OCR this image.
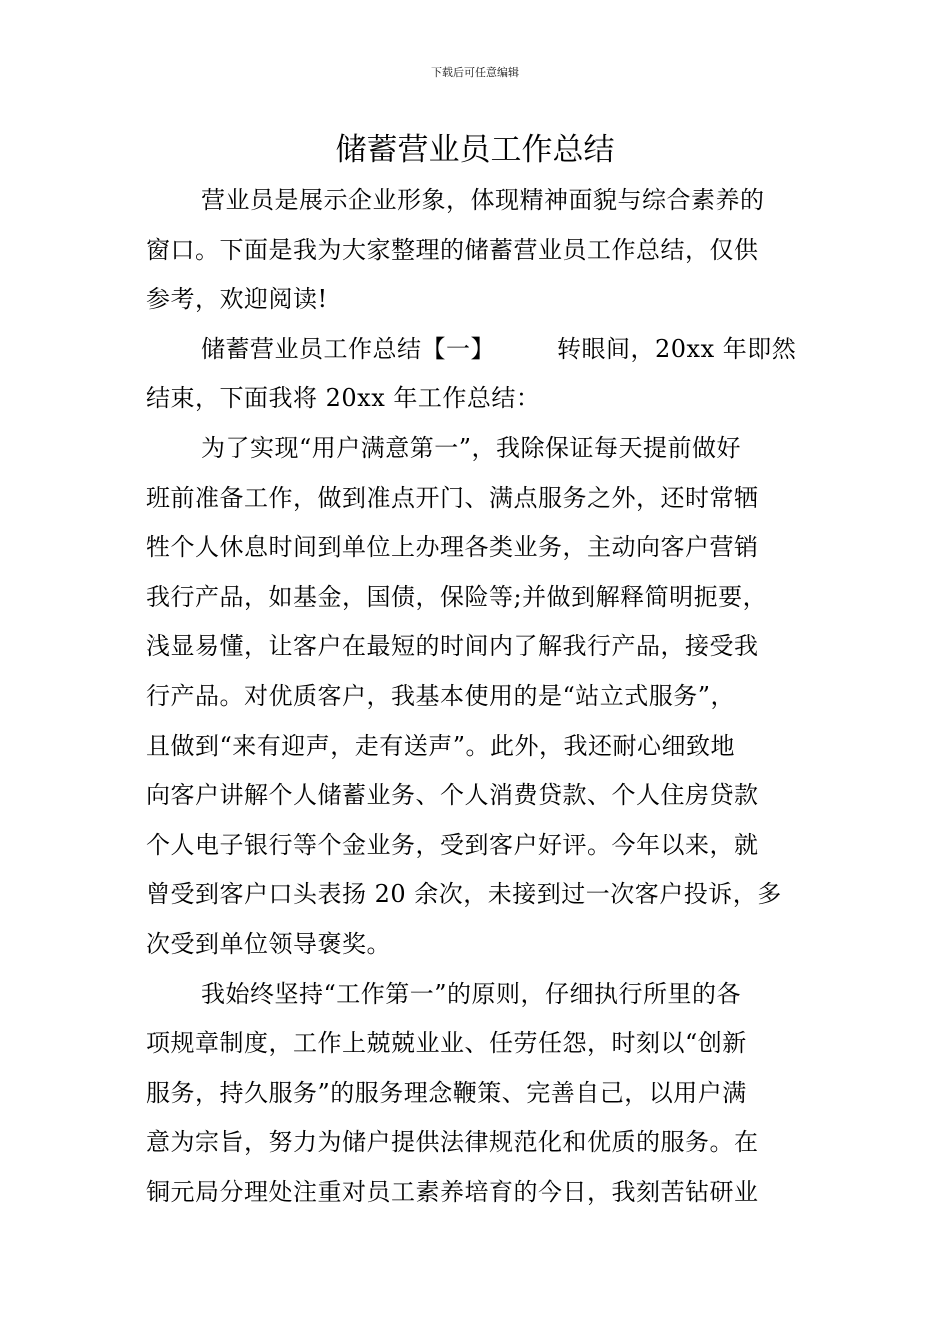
下载后可任意编辑
储蓄营业员工作总结
营业员是展示企业形象，体现精神面貌与综合素养的
窗口。下面是我为大家整理的储蓄营业员工作总结，仅供
参考，欢迎阅读!
储蓄营业员工作总结【一】	转眼间，20xx 年即然
结束，下面我将 20xx 年工作总结：
为了实现“用户满意第一”，我除保证每天提前做好
班前准备工作，做到准点开门、满点服务之外，还时常牺
牲个人休息时间到单位上办理各类业务，主动向客户营销
我行产品，如基金，国债，保险等;并做到解释简明扼要，
浅显易懂，让客户在最短的时间内了解我行产品，接受我
行产品。对优质客户，我基本使用的是“站立式服务”，
且做到“来有迎声，走有送声”。此外，我还耐心细致地
向客户讲解个人储蓄业务、个人消费贷款、个人住房贷款
个人电子银行等个金业务，受到客户好评。今年以来，就
曾受到客户口头表扬 20 余次，未接到过一次客户投诉，多
次受到单位领导褒奖。
我始终坚持“工作第一”的原则，仔细执行所里的各
项规章制度，工作上兢兢业业、任劳任怨，时刻以“创新
服务，持久服务”的服务理念鞭策、完善自己，以用户满
意为宗旨，努力为储户提供法律规范化和优质的服务。在
铜元局分理处注重对员工素养培育的今日，我刻苦钻研业
